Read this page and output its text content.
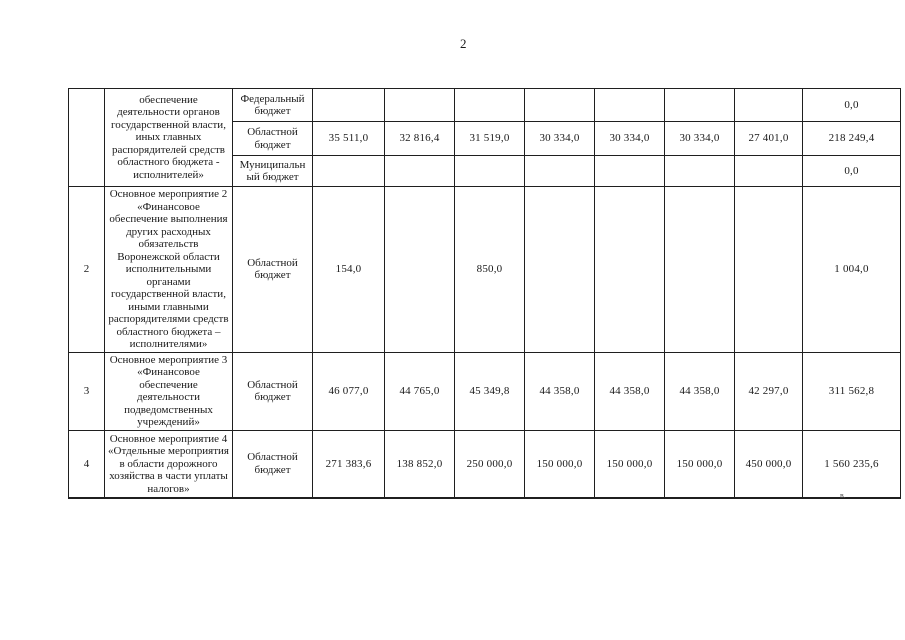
2
	обеспечение деятельности органов государственной власти, иных главных распорядителей средств областного бюджета - исполнителей»	Федеральный бюджет								0,0
		Областной бюджет	35 511,0	32 816,4	31 519,0	30 334,0	30 334,0	30 334,0	27 401,0	218 249,4
		Муниципальный бюджет								0,0
2	Основное мероприятие 2 «Финансовое обеспечение выполнения других расходных обязательств Воронежской области исполнительными органами государственной власти, иными главными распорядителями средств областного бюджета – исполнителями»	Областной бюджет	154,0		850,0					1 004,0
3	Основное мероприятие 3 «Финансовое обеспечение деятельности подведомственных учреждений»	Областной бюджет	46 077,0	44 765,0	45 349,8	44 358,0	44 358,0	44 358,0	42 297,0	311 562,8
4	Основное мероприятие 4 «Отдельные мероприятия в области дорожного хозяйства в части уплаты налогов»	Областной бюджет	271 383,6	138 852,0	250 000,0	150 000,0	150 000,0	150 000,0	450 000,0	1 560 235,6
в.
